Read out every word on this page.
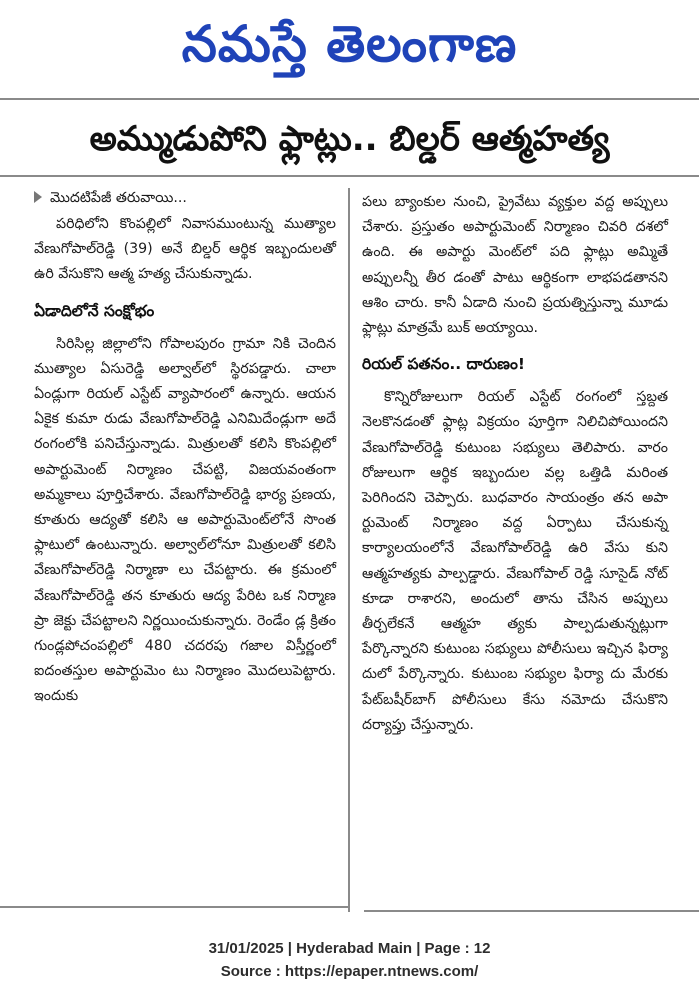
నమస్తే తెలంగాణ
అమ్ముడుపోని ఫ్లాట్లు.. బిల్డర్ ఆత్మహత్య
మొదటిపేజీ తరువాయి...

పరిధిలోని కొంపల్లిలో నివాసముంటున్న ముత్యాల వేణుగోపాల్‌రెడ్డి (39) అనే బిల్డర్ ఆర్థిక ఇబ్బందులతో ఉరి వేసుకొని ఆత్మ హత్య చేసుకున్నాడు.

ఏడాదిలోనే సంక్షోభం

సిరిసిల్ల జిల్లాలోని గోపాలపురం గ్రామా నికి చెందిన ముత్యాల ఏసురెడ్డి అల్వాల్‌లో స్థిరపడ్డారు. చాలా ఏండ్లుగా రియల్ ఎస్టేట్ వ్యాపారంలో ఉన్నారు. ఆయన ఏకైక కుమా రుడు వేణుగోపాల్‌రెడ్డి ఎనిమిదేండ్లుగా అదే రంగంలోకి పనిచేస్తున్నాడు. మిత్రులతో కలిసి కొంపల్లిలో అపార్టుమెంట్ నిర్మాణం చేపట్టి, విజయవంతంగా అమ్మకాలు పూర్తిచేశారు. వేణుగోపాల్‌రెడ్డి భార్య ప్రణయ, కూతురు ఆద్యతో కలిసి ఆ అపార్టుమెంట్‌లోనే సొంత ఫ్లాటులో ఉంటున్నారు. అల్వాల్‌లోనూ మిత్రులతో కలిసి వేణుగోపాల్‌రెడ్డి నిర్మాణా లు చేపట్టారు. ఈ క్రమంలో వేణుగోపాల్‌రెడ్డి తన కూతురు ఆద్య పేరిట ఒక నిర్మాణ ప్రా జెక్టు చేపట్టాలని నిర్ణయించుకున్నారు. రెండేం డ్ల క్రితం గుండ్లపోచంపల్లిలో 480 చదరపు గజాల విస్తీర్ణంలో ఐదంతస్తుల అపార్టుమెం టు నిర్మాణం మొదలుపెట్టారు. ఇందుకు

పలు బ్యాంకుల నుంచి, ప్రైవేటు వ్యక్తుల వద్ద అప్పులు చేశారు. ప్రస్తుతం అపార్టుమెంట్ నిర్మాణం చివరి దశలో ఉంది. ఈ అపార్టు మెంట్‌లో పది ఫ్లాట్లు అమ్మితే అప్పులన్నీ తీర డంతో పాటు ఆర్థికంగా లాభపడతానని ఆశిం చారు. కానీ ఏడాది నుంచి ప్రయత్నిస్తున్నా మూడు ఫ్లాట్లు మాత్రమే బుక్ అయ్యాయి.

రియల్ పతనం.. దారుణం!

కొన్నిరోజులుగా రియల్ ఎస్టేట్ రంగంలో స్తబ్దత నెలకొనడంతో ఫ్లాట్ల విక్రయం పూర్తిగా నిలిచిపోయిందని వేణుగోపాల్‌రెడ్డి కుటుంబ సభ్యులు తెలిపారు. వారం రోజులుగా ఆర్థిక ఇబ్బందుల వల్ల ఒత్తిడి మరింత పెరిగిందని చెప్పారు. బుధవారం సాయంత్రం తన అపా ర్టుమెంట్ నిర్మాణం వద్ద ఏర్పాటు చేసుకున్న కార్యాలయంలోనే వేణుగోపాల్‌రెడ్డి ఉరి వేసు కుని ఆత్మహత్యకు పాల్పడ్డారు. వేణుగోపాల్ రెడ్డి సూసైడ్ నోట్ కూడా రాశారని, అందులో తాను చేసిన అప్పులు తీర్చలేకనే ఆత్మహ త్యకు పాల్పడుతున్నట్లుగా పేర్కొన్నారని కుటుంబ సభ్యులు పోలీసులు ఇచ్చిన ఫిర్యా దులో పేర్కొన్నారు. కుటుంబ సభ్యుల ఫిర్యా దు మేరకు పేట్‌బషీర్‌బాగ్ పోలీసులు కేసు నమోదు చేసుకొని దర్యాప్తు చేస్తున్నారు.

31/01/2025 | Hyderabad Main | Page : 12
Source : https://epaper.ntnews.com/
